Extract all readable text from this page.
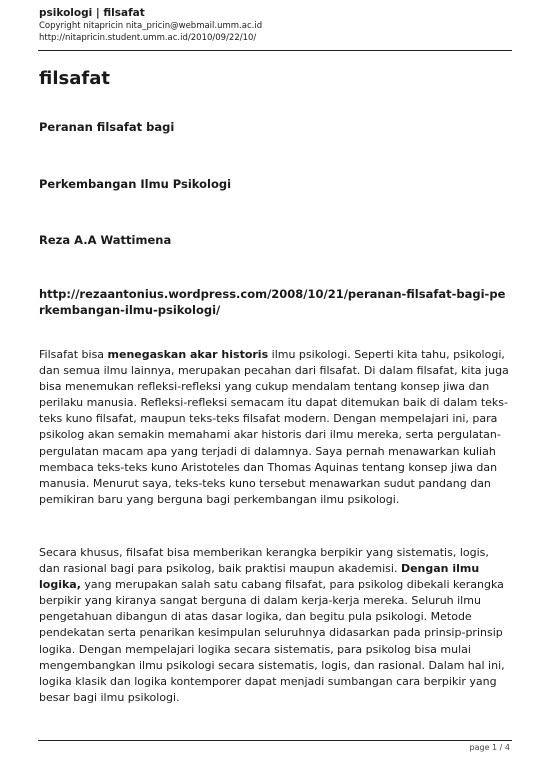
psikologi | filsafat

Copyright nitapricin nita_pricin@webmail.umm.ac.id

http://nitapricin.student.umm.ac.id/2010/09/22/10/

filsafat

Peranan filsafat bagi

Perkembangan Ilmu Psikologi

Reza A.A Wattimena

http://rezaantonius.wordpress.com/2008/10/21/peranan-filsafat-bagi-perkembangan-ilmu-psikologi/

Filsafat bisa menegaskan akar historis ilmu psikologi. Seperti kita tahu, psikologi, dan semua ilmu lainnya, merupakan pecahan dari filsafat. Di dalam filsafat, kita juga bisa menemukan refleksi-refleksi yang cukup mendalam tentang konsep jiwa dan perilaku manusia. Refleksi-refleksi semacam itu dapat ditemukan baik di dalam teks-teks kuno filsafat, maupun teks-teks filsafat modern. Dengan mempelajari ini, para psikolog akan semakin memahami akar historis dari ilmu mereka, serta pergulatan-pergulatan macam apa yang terjadi di dalamnya. Saya pernah menawarkan kuliah membaca teks-teks kuno Aristoteles dan Thomas Aquinas tentang konsep jiwa dan manusia. Menurut saya, teks-teks kuno tersebut menawarkan sudut pandang dan pemikiran baru yang berguna bagi perkembangan ilmu psikologi.

Secara khusus, filsafat bisa memberikan kerangka berpikir yang sistematis, logis, dan rasional bagi para psikolog, baik praktisi maupun akademisi. Dengan ilmu logika, yang merupakan salah satu cabang filsafat, para psikolog dibekali kerangka berpikir yang kiranya sangat berguna di dalam kerja-kerja mereka. Seluruh ilmu pengetahuan dibangun di atas dasar logika, dan begitu pula psikologi. Metode pendekatan serta penarikan kesimpulan seluruhnya didasarkan pada prinsip-prinsip logika. Dengan mempelajari logika secara sistematis, para psikolog bisa mulai mengembangkan ilmu psikologi secara sistematis, logis, dan rasional. Dalam hal ini, logika klasik dan logika kontemporer dapat menjadi sumbangan cara berpikir yang besar bagi ilmu psikologi.

page 1 / 4
